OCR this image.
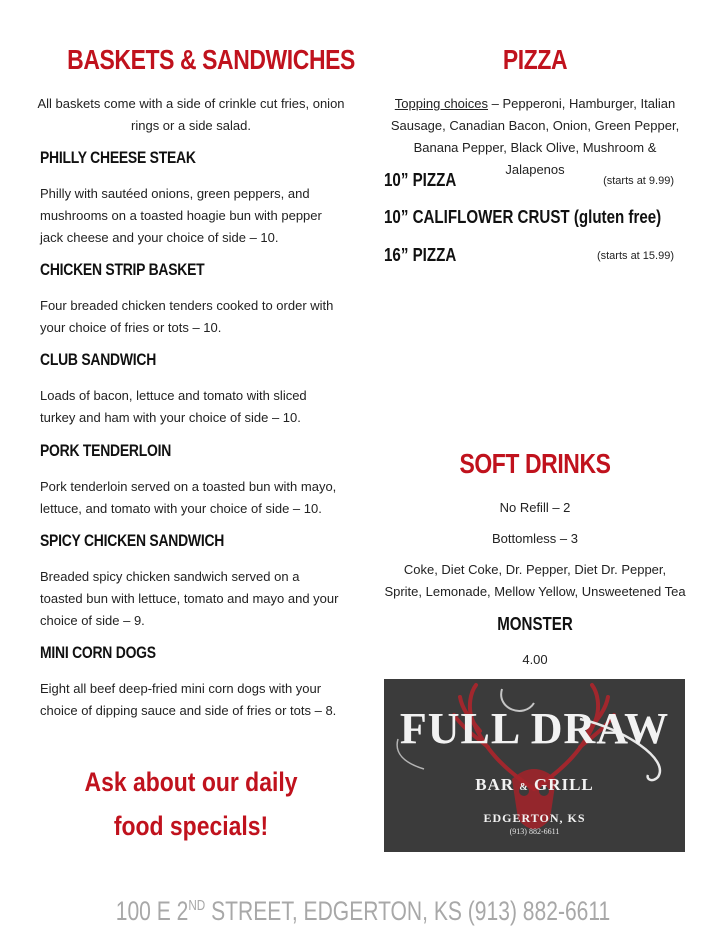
BASKETS & SANDWICHES
All baskets come with a side of crinkle cut fries, onion rings or a side salad.
PHILLY CHEESE STEAK
Philly with sautéed onions, green peppers, and mushrooms on a toasted hoagie bun with pepper jack cheese and your choice of side – 10.
CHICKEN STRIP BASKET
Four breaded chicken tenders cooked to order with your choice of fries or tots – 10.
CLUB SANDWICH
Loads of bacon, lettuce and tomato with sliced turkey and ham with your choice of side – 10.
PORK TENDERLOIN
Pork tenderloin served on a toasted bun with mayo, lettuce, and tomato with your choice of side – 10.
SPICY CHICKEN SANDWICH
Breaded spicy chicken sandwich served on a toasted bun with lettuce, tomato and mayo and your choice of side – 9.
MINI CORN DOGS
Eight all beef deep-fried mini corn dogs with your choice of dipping sauce and side of fries or tots – 8.
Ask about our daily food specials!
PIZZA
Topping choices – Pepperoni, Hamburger, Italian Sausage, Canadian Bacon, Onion, Green Pepper, Banana Pepper, Black Olive, Mushroom & Jalapenos
10” PIZZA	(starts at 9.99)
10” CALIFLOWER CRUST (gluten free)
16” PIZZA	(starts at 15.99)
SOFT DRINKS
No Refill – 2
Bottomless – 3
Coke, Diet Coke, Dr. Pepper, Diet Dr. Pepper, Sprite, Lemonade, Mellow Yellow, Unsweetened Tea
MONSTER
4.00
FULL DRAW
BAR & GRILL
EDGERTON, KS
(913) 882-6611
100 E 2ND STREET, EDGERTON, KS (913) 882-6611
